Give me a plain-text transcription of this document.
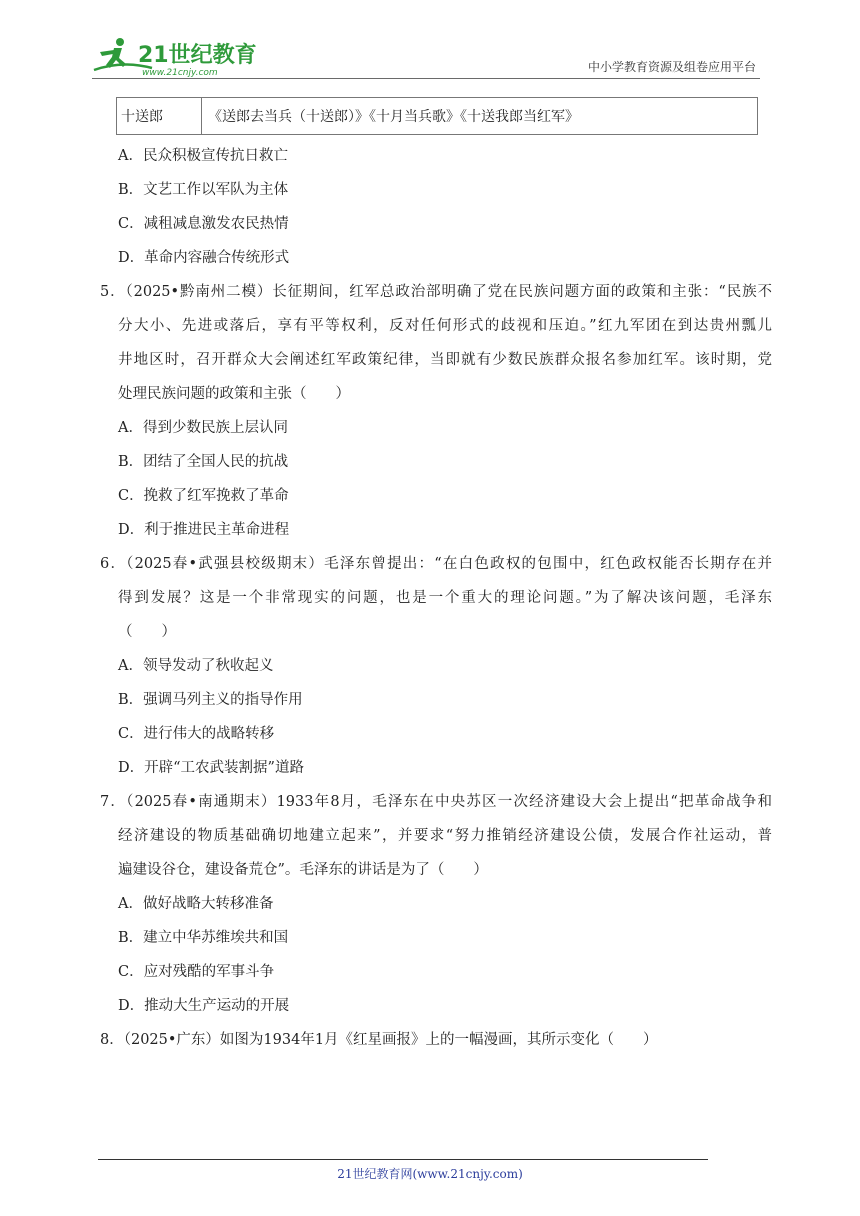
21世纪教育
www.21cnjy.com	中小学教育资源及组卷应用平台
十送郎	《送郎去当兵（十送郎）》《十月当兵歌》《十送我郎当红军》
A．民众积极宣传抗日救亡
B．文艺工作以军队为主体
C．减租减息激发农民热情
D．革命内容融合传统形式
5．（2025•黔南州二模）长征期间，红军总政治部明确了党在民族问题方面的政策和主张：“民族不
分大小、先进或落后，享有平等权利，反对任何形式的歧视和压迫。”红九军团在到达贵州瓢儿
井地区时，召开群众大会阐述红军政策纪律，当即就有少数民族群众报名参加红军。该时期，党
处理民族问题的政策和主张（　　）
A．得到少数民族上层认同
B．团结了全国人民的抗战
C．挽救了红军挽救了革命
D．利于推进民主革命进程
6．（2025春•武强县校级期末）毛泽东曾提出：“在白色政权的包围中，红色政权能否长期存在并
得到发展？这是一个非常现实的问题，也是一个重大的理论问题。”为了解决该问题，毛泽东
（　　）
A．领导发动了秋收起义
B．强调马列主义的指导作用
C．进行伟大的战略转移
D．开辟“工农武装割据”道路
7．（2025春•南通期末）1933年8月，毛泽东在中央苏区一次经济建设大会上提出“把革命战争和
经济建设的物质基础确切地建立起来”，并要求“努力推销经济建设公债，发展合作社运动，普
遍建设谷仓，建设备荒仓”。毛泽东的讲话是为了（　　）
A．做好战略大转移准备
B．建立中华苏维埃共和国
C．应对残酷的军事斗争
D．推动大生产运动的开展
8．（2025•广东）如图为1934年1月《红星画报》上的一幅漫画，其所示变化（　　）
21世纪教育网(www.21cnjy.com)
